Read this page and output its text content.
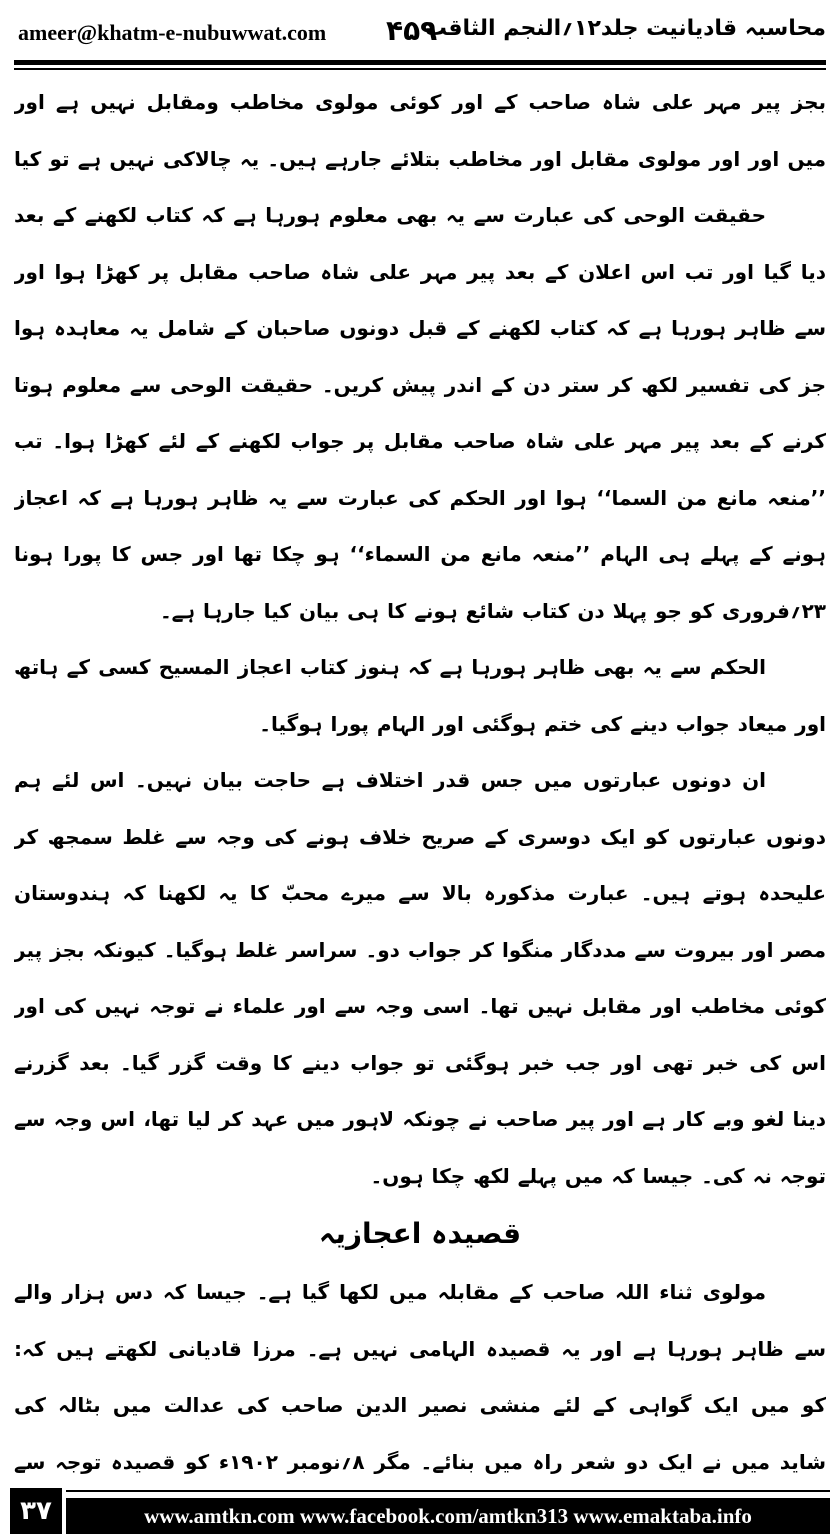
ameer@khatm-e-nubuwwat.com ۴۵۹
محاسبہ قادیانیت جلد۱۲؍النجم الثاقب
بجز پیر مہر علی شاہ صاحب کے اور کوئی مولوی مخاطب ومقابل نہیں ہے اور
میں اور اور مولوی مقابل اور مخاطب بتلائے جارہے ہیں۔ یہ چالاکی نہیں ہے تو کیا
حقیقت الوحی کی عبارت سے یہ بھی معلوم ہورہا ہے کہ کتاب لکھنے کے بعد
دیا گیا اور تب اس اعلان کے بعد پیر مہر علی شاہ صاحب مقابل پر کھڑا ہوا اور
سے ظاہر ہورہا ہے کہ کتاب لکھنے کے قبل دونوں صاحبان کے شامل یہ معاہدہ ہوا
جز کی تفسیر لکھ کر ستر دن کے اندر پیش کریں۔ حقیقت الوحی سے معلوم ہوتا
کرنے کے بعد پیر مہر علی شاہ صاحب مقابل پر جواب لکھنے کے لئے کھڑا ہوا۔ تب
’’منعہ مانع من السما‘‘ ہوا اور الحکم کی عبارت سے یہ ظاہر ہورہا ہے کہ اعجاز
ہونے کے پہلے ہی الہام ’’منعہ مانع من السماء‘‘ ہو چکا تھا اور جس کا پورا ہونا
۲۳؍فروری کو جو پہلا دن کتاب شائع ہونے کا ہی بیان کیا جارہا ہے۔
الحکم سے یہ بھی ظاہر ہورہا ہے کہ ہنوز کتاب اعجاز المسیح کسی کے ہاتھ
اور میعاد جواب دینے کی ختم ہوگئی اور الہام پورا ہوگیا۔
ان دونوں عبارتوں میں جس قدر اختلاف ہے حاجت بیان نہیں۔ اس لئے ہم
دونوں عبارتوں کو ایک دوسری کے صریح خلاف ہونے کی وجہ سے غلط سمجھ کر
علیحدہ ہوتے ہیں۔ عبارت مذکورہ بالا سے میرے محبّ کا یہ لکھنا کہ ہندوستان
مصر اور بیروت سے مددگار منگوا کر جواب دو۔ سراسر غلط ہوگیا۔ کیونکہ بجز پیر
کوئی مخاطب اور مقابل نہیں تھا۔ اسی وجہ سے اور علماء نے توجہ نہیں کی اور
اس کی خبر تھی اور جب خبر ہوگئی تو جواب دینے کا وقت گزر گیا۔ بعد گزرنے
دینا لغو وبے کار ہے اور پیر صاحب نے چونکہ لاہور میں عہد کر لیا تھا، اس وجہ سے
توجہ نہ کی۔ جیسا کہ میں پہلے لکھ چکا ہوں۔
قصیدہ اعجازیہ
مولوی ثناء اللہ صاحب کے مقابلہ میں لکھا گیا ہے۔ جیسا کہ دس ہزار والے
سے ظاہر ہورہا ہے اور یہ قصیدہ الہامی نہیں ہے۔ مرزا قادیانی لکھتے ہیں کہ:
کو میں ایک گواہی کے لئے منشی نصیر الدین صاحب کی عدالت میں بٹالہ کی
شاید میں نے ایک دو شعر راہ میں بنائے۔ مگر ۸؍نومبر ۱۹۰۲ء کو قصیدہ توجہ سے
۳۷	www.amtkn.com www.facebook.com/amtkn313 www.emaktaba.info
